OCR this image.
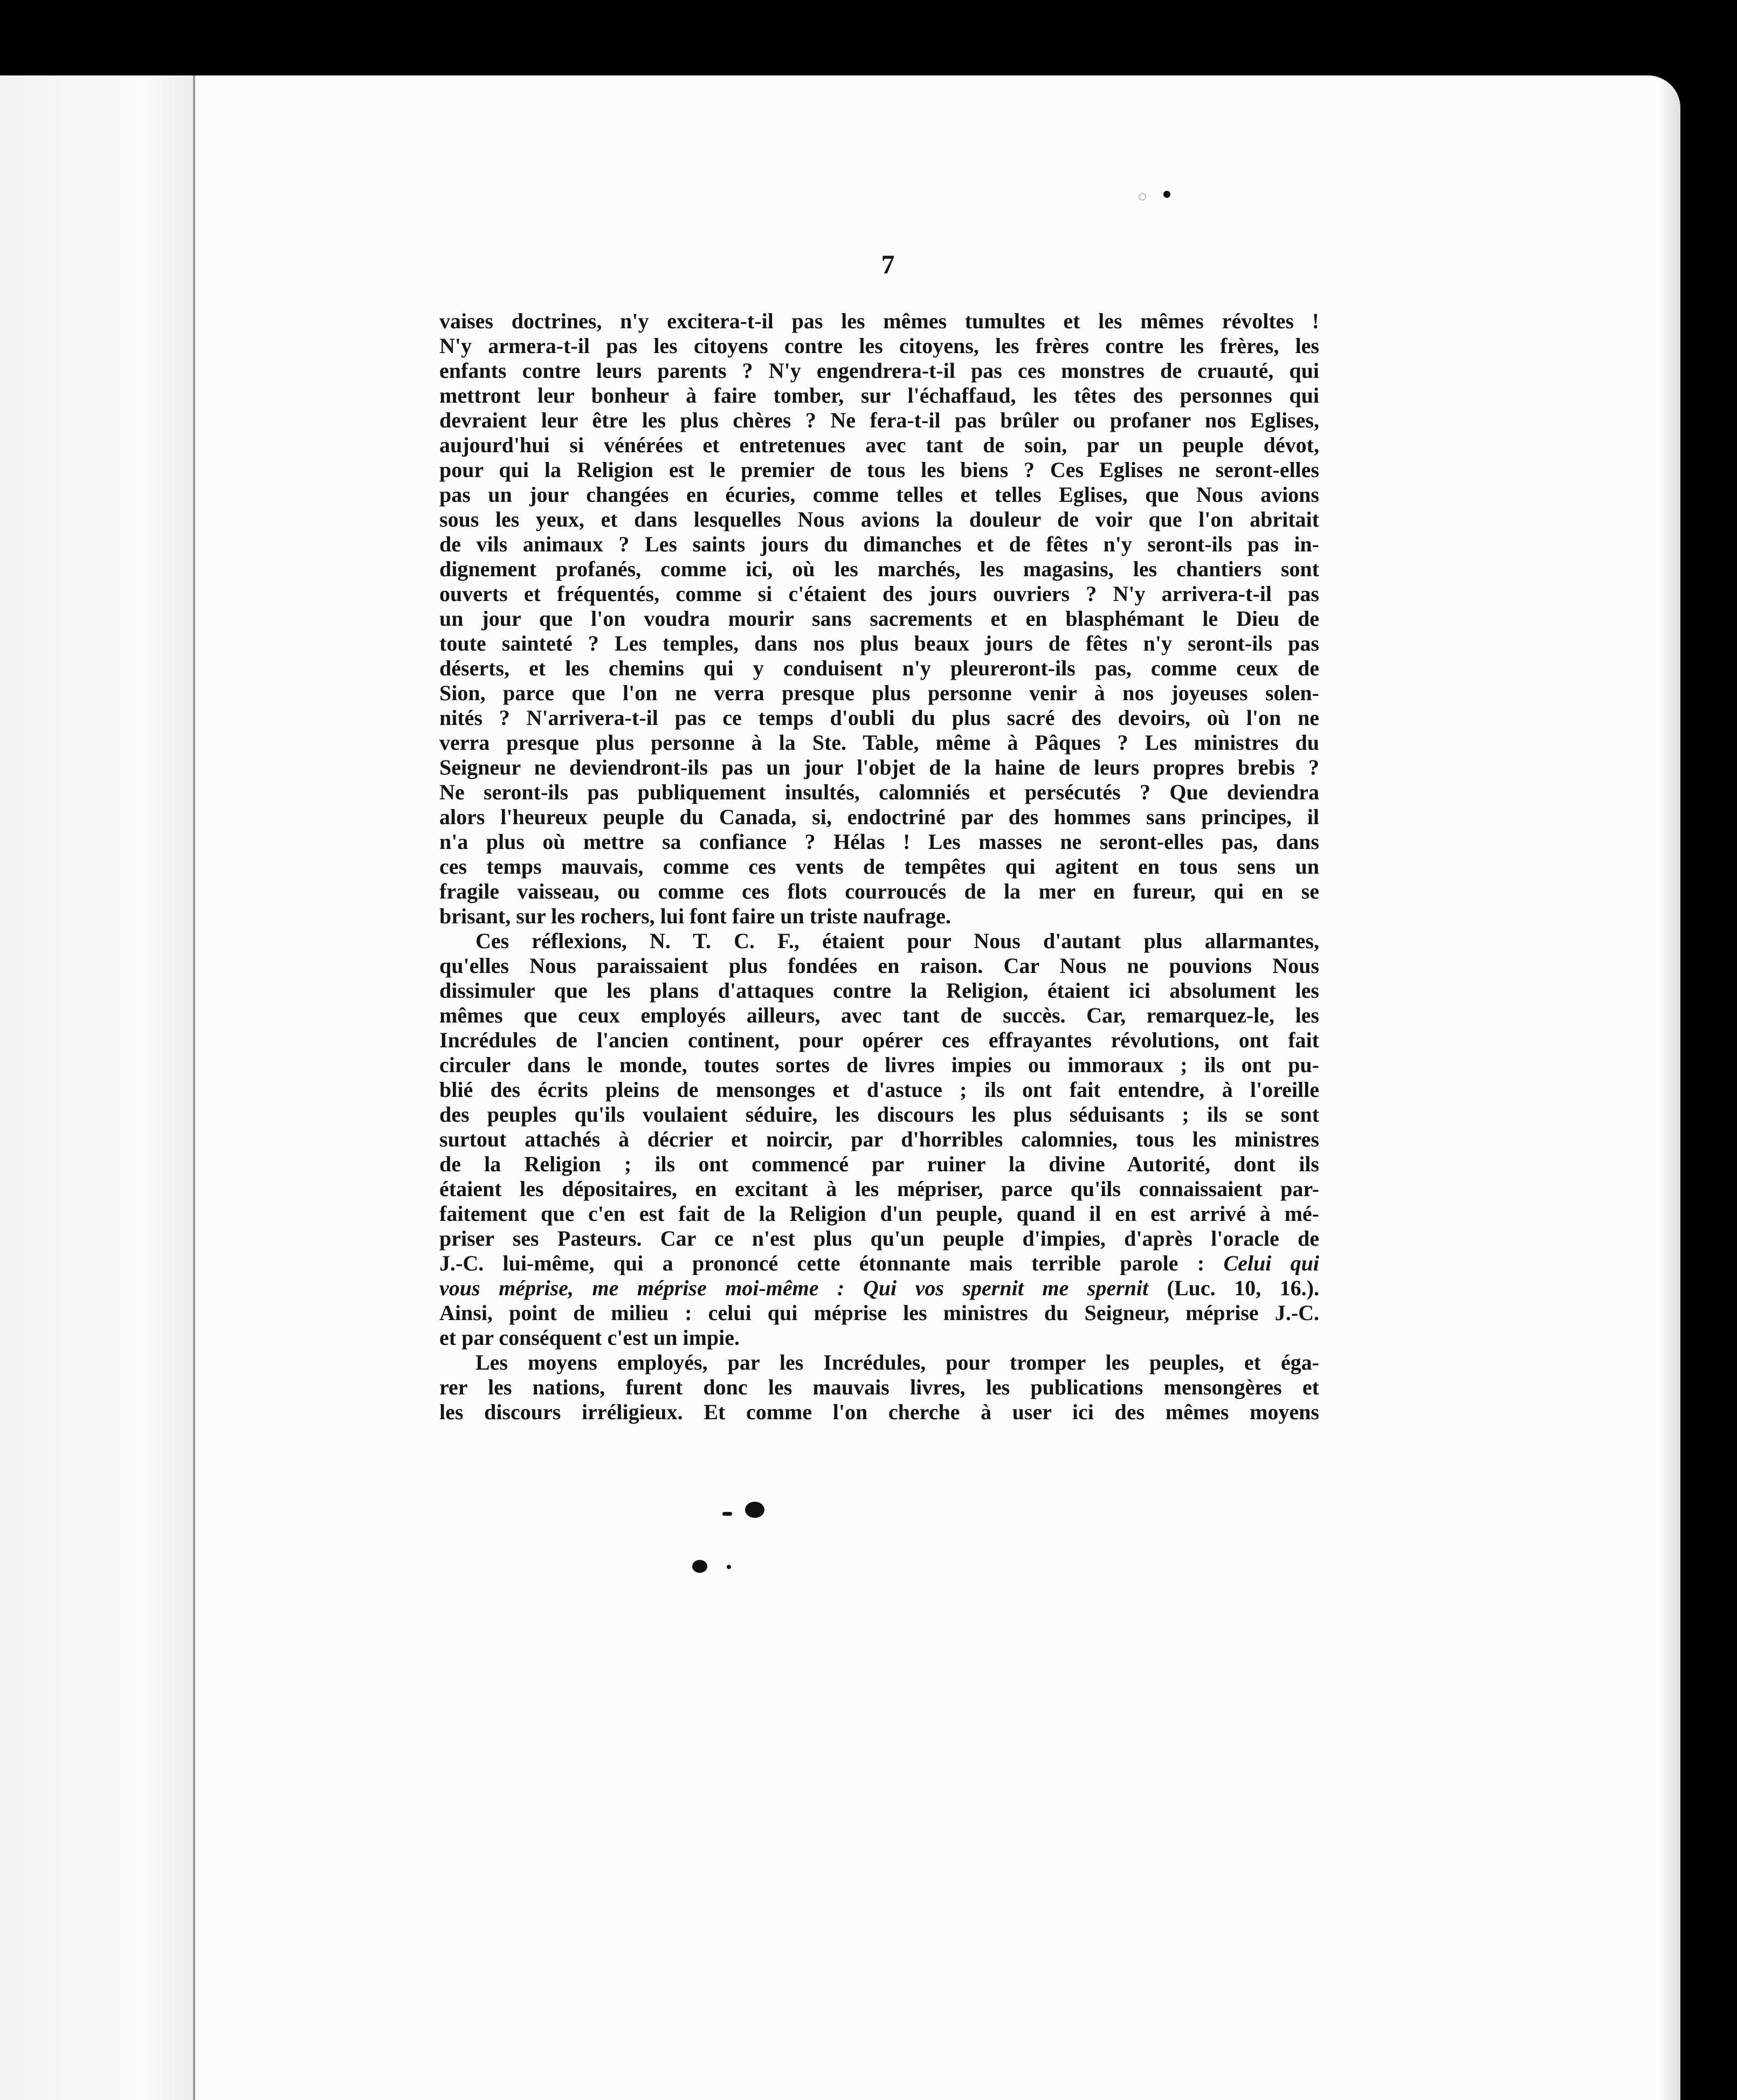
7
vaises doctrines, n'y excitera-t-il pas les mêmes tumultes et les mêmes révoltes !
N'y armera-t-il pas les citoyens contre les citoyens, les frères contre les frères, les
enfants contre leurs parents ? N'y engendrera-t-il pas ces monstres de cruauté, qui
mettront leur bonheur à faire tomber, sur l'échaffaud, les têtes des personnes qui
devraient leur être les plus chères ? Ne fera-t-il pas brûler ou profaner nos Eglises,
aujourd'hui si vénérées et entretenues avec tant de soin, par un peuple dévot,
pour qui la Religion est le premier de tous les biens ? Ces Eglises ne seront-elles
pas un jour changées en écuries, comme telles et telles Eglises, que Nous avions
sous les yeux, et dans lesquelles Nous avions la douleur de voir que l'on abritait
de vils animaux ? Les saints jours du dimanches et de fêtes n'y seront-ils pas in-
dignement profanés, comme ici, où les marchés, les magasins, les chantiers sont
ouverts et fréquentés, comme si c'étaient des jours ouvriers ? N'y arrivera-t-il pas
un jour que l'on voudra mourir sans sacrements et en blasphémant le Dieu de
toute sainteté ? Les temples, dans nos plus beaux jours de fêtes n'y seront-ils pas
déserts, et les chemins qui y conduisent n'y pleureront-ils pas, comme ceux de
Sion, parce que l'on ne verra presque plus personne venir à nos joyeuses solen-
nités ? N'arrivera-t-il pas ce temps d'oubli du plus sacré des devoirs, où l'on ne
verra presque plus personne à la Ste. Table, même à Pâques ? Les ministres du
Seigneur ne deviendront-ils pas un jour l'objet de la haine de leurs propres brebis ?
Ne seront-ils pas publiquement insultés, calomniés et persécutés ? Que deviendra
alors l'heureux peuple du Canada, si, endoctriné par des hommes sans principes, il
n'a plus où mettre sa confiance ? Hélas ! Les masses ne seront-elles pas, dans
ces temps mauvais, comme ces vents de tempêtes qui agitent en tous sens un
fragile vaisseau, ou comme ces flots courroucés de la mer en fureur, qui en se
brisant, sur les rochers, lui font faire un triste naufrage.
Ces réflexions, N. T. C. F., étaient pour Nous d'autant plus allarmantes,
qu'elles Nous paraissaient plus fondées en raison. Car Nous ne pouvions Nous
dissimuler que les plans d'attaques contre la Religion, étaient ici absolument les
mêmes que ceux employés ailleurs, avec tant de succès. Car, remarquez-le, les
Incrédules de l'ancien continent, pour opérer ces effrayantes révolutions, ont fait
circuler dans le monde, toutes sortes de livres impies ou immoraux ; ils ont pu-
blié des écrits pleins de mensonges et d'astuce ; ils ont fait entendre, à l'oreille
des peuples qu'ils voulaient séduire, les discours les plus séduisants ; ils se sont
surtout attachés à décrier et noircir, par d'horribles calomnies, tous les ministres
de la Religion ; ils ont commencé par ruiner la divine Autorité, dont ils
étaient les dépositaires, en excitant à les mépriser, parce qu'ils connaissaient par-
faitement que c'en est fait de la Religion d'un peuple, quand il en est arrivé à mé-
priser ses Pasteurs. Car ce n'est plus qu'un peuple d'impies, d'après l'oracle de
J.-C. lui-même, qui a prononcé cette étonnante mais terrible parole : Celui qui
vous méprise, me méprise moi-même : Qui vos spernit me spernit (Luc. 10, 16.).
Ainsi, point de milieu : celui qui méprise les ministres du Seigneur, méprise J.-C.
et par conséquent c'est un impie.
Les moyens employés, par les Incrédules, pour tromper les peuples, et éga-
rer les nations, furent donc les mauvais livres, les publications mensongères et
les discours irréligieux. Et comme l'on cherche à user ici des mêmes moyens
